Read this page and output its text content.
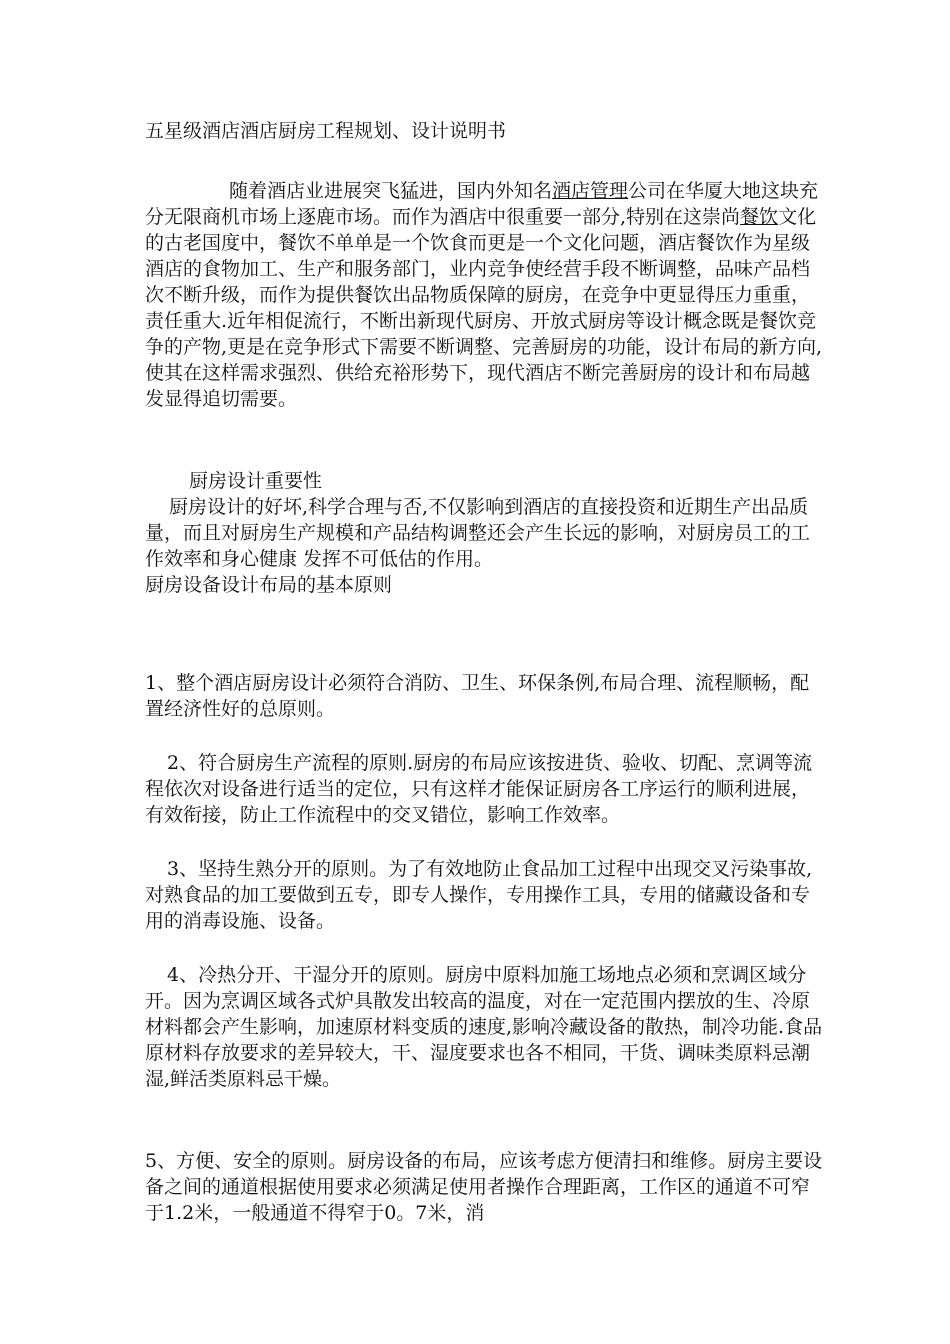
五星级酒店酒店厨房工程规划、设计说明书

随着酒店业进展突飞猛进，国内外知名酒店管理公司在华厦大地这块充分无限商机市场上逐鹿市场。而作为酒店中很重要一部分,特别在这崇尚餐饮文化的古老国度中，餐饮不单单是一个饮食而更是一个文化问题，酒店餐饮作为星级酒店的食物加工、生产和服务部门，业内竞争使经营手段不断调整，品味产品档次不断升级，而作为提供餐饮出品物质保障的厨房，在竞争中更显得压力重重，责任重大.近年相促流行，不断出新现代厨房、开放式厨房等设计概念既是餐饮竞争的产物,更是在竞争形式下需要不断调整、完善厨房的功能，设计布局的新方向,使其在这样需求强烈、供给充裕形势下，现代酒店不断完善厨房的设计和布局越发显得追切需要。

厨房设计重要性

厨房设计的好坏,科学合理与否,不仅影响到酒店的直接投资和近期生产出品质量，而且对厨房生产规模和产品结构调整还会产生长远的影响，对厨房员工的工作效率和身心健康 发挥不可低估的作用。

厨房设备设计布局的基本原则

1、整个酒店厨房设计必须符合消防、卫生、环保条例,布局合理、流程顺畅，配置经济性好的总原则。

2、符合厨房生产流程的原则.厨房的布局应该按进货、验收、切配、烹调等流程依次对设备进行适当的定位，只有这样才能保证厨房各工序运行的顺利进展，有效衔接，防止工作流程中的交叉错位，影响工作效率。

3、坚持生熟分开的原则。为了有效地防止食品加工过程中出现交叉污染事故,对熟食品的加工要做到五专，即专人操作，专用操作工具，专用的储藏设备和专用的消毒设施、设备。

4、冷热分开、干湿分开的原则。厨房中原料加施工场地点必须和烹调区域分开。因为烹调区域各式炉具散发出较高的温度，对在一定范围内摆放的生、冷原材料都会产生影响，加速原材料变质的速度,影响冷藏设备的散热，制冷功能.食品原材料存放要求的差异较大，干、湿度要求也各不相同，干货、调味类原料忌潮湿,鲜活类原料忌干燥。

5、方便、安全的原则。厨房设备的布局，应该考虑方便清扫和维修。厨房主要设备之间的通道根据使用要求必须满足使用者操作合理距离，工作区的通道不可窄于1.2米，一般通道不得窄于0。7米，消
